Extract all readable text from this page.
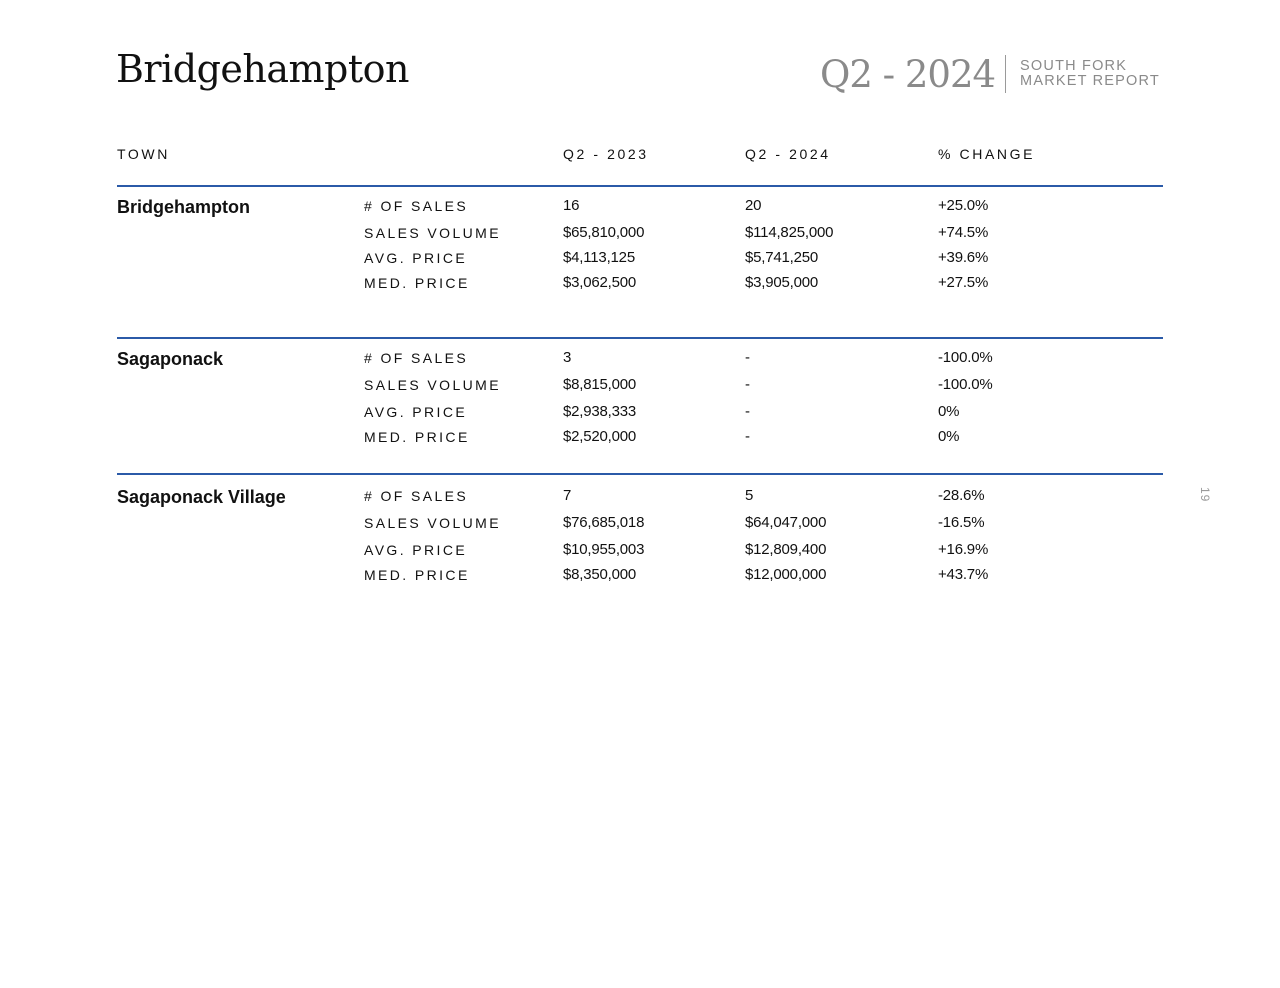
Bridgehampton	Q2 - 2024 SOUTH FORK
MARKET REPORT
TOWN	Q2 - 2023	Q2 - 2024	% CHANGE
Bridgehampton	# OF SALES	16	20	+25.0%
SALES VOLUME	$65,810,000	$114,825,000	+74.5%
AVG. PRICE	$4,113,125	$5,741,250	+39.6%
MED. PRICE	$3,062,500	$3,905,000	+27.5%
Sagaponack	# OF SALES	3	-	-100.0%
SALES VOLUME	$8,815,000	-	-100.0%
AVG. PRICE	$2,938,333	-	0%
MED. PRICE	$2,520,000	-	0%
Sagaponack Village	# OF SALES	7	5	-28.6%
SALES VOLUME	$76,685,018	$64,047,000	-16.5%
AVG. PRICE	$10,955,003	$12,809,400	+16.9%
MED. PRICE	$8,350,000	$12,000,000	+43.7%
19
